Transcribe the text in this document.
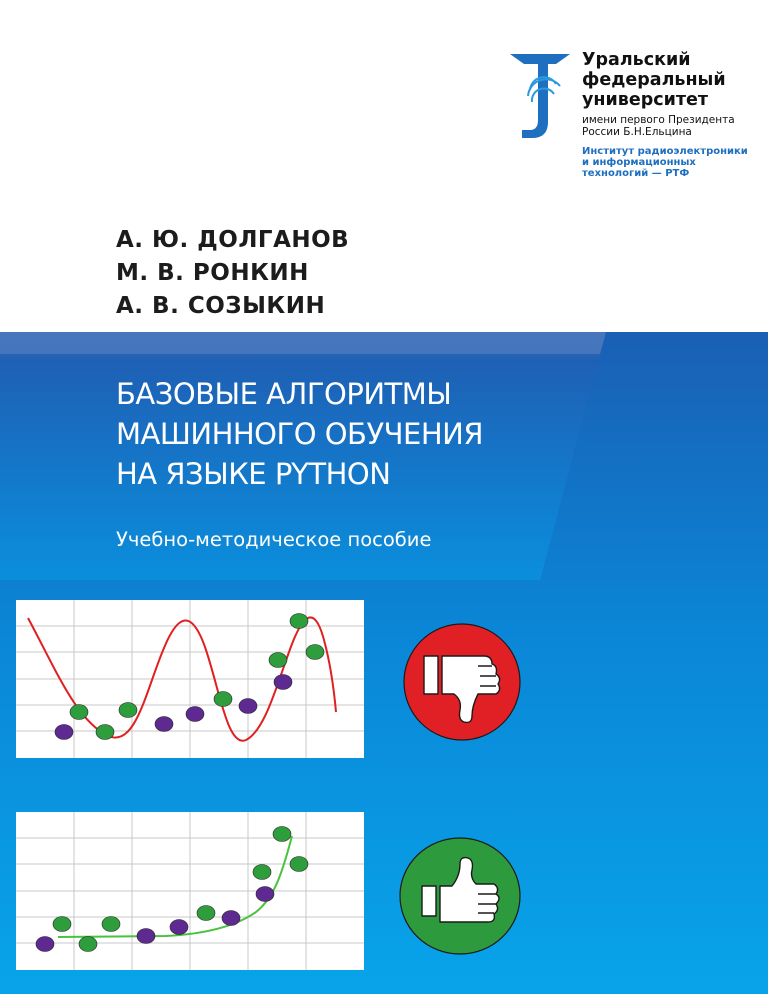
Уральский
федеральный
университет
имени первого Президента
России Б.Н.Ельцина
Институт радиоэлектроники
и информационных
технологий — РТФ
А. Ю. ДОЛГАНОВ
М. В. РОНКИН
А. В. СОЗЫКИН
БАЗОВЫЕ АЛГОРИТМЫ
МАШИННОГО ОБУЧЕНИЯ
НА ЯЗЫКЕ PYTHON
Учебно-методическое пособие
